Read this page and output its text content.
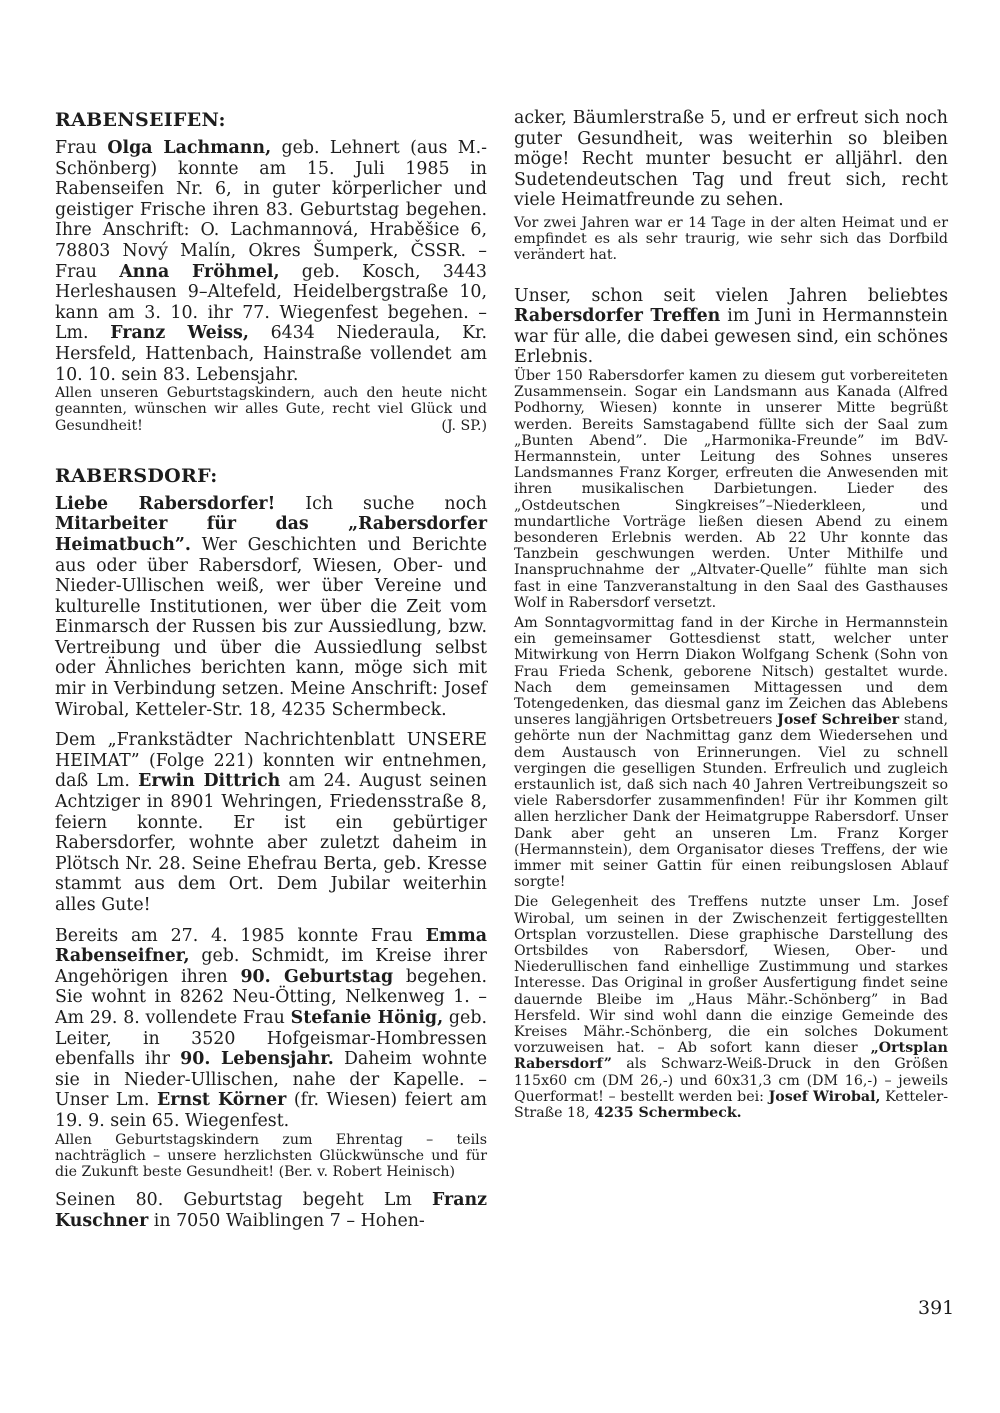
RABENSEIFEN:

Frau Olga Lachmann, geb. Lehnert (aus M.-Schönberg) konnte am 15. Juli 1985 in Rabenseifen Nr. 6, in guter körperlicher und geistiger Frische ihren 83. Geburtstag begehen. Ihre Anschrift: O. Lachmannová, Hraběšice 6, 78803 Nový Malín, Okres Šumperk, ČSSR. – Frau Anna Fröhmel, geb. Kosch, 3443 Herleshausen 9–Altefeld, Heidelbergstraße 10, kann am 3. 10. ihr 77. Wiegenfest begehen. – Lm. Franz Weiss, 6434 Niederaula, Kr. Hersfeld, Hattenbach, Hainstraße vollendet am 10. 10. sein 83. Lebensjahr.

Allen unseren Geburtstagskindern, auch den heute nicht geannten, wünschen wir alles Gute, recht viel Glück und Gesundheit!	(J. SP.)

RABERSDORF:

Liebe Rabersdorfer! Ich suche noch Mitarbeiter für das „Rabersdorfer Heimatbuch”. Wer Geschichten und Berichte aus oder über Rabersdorf, Wiesen, Ober- und Nieder-Ullischen weiß, wer über Vereine und kulturelle Institutionen, wer über die Zeit vom Einmarsch der Russen bis zur Aussiedlung, bzw. Vertreibung und über die Aussiedlung selbst oder Ähnliches berichten kann, möge sich mit mir in Verbindung setzen. Meine Anschrift: Josef Wirobal, Ketteler-Str. 18, 4235 Schermbeck.

Dem „Frankstädter Nachrichtenblatt UNSERE HEIMAT” (Folge 221) konnten wir entnehmen, daß Lm. Erwin Dittrich am 24. August seinen Achtziger in 8901 Wehringen, Friedensstraße 8, feiern konnte. Er ist ein gebürtiger Rabersdorfer, wohnte aber zuletzt daheim in Plötsch Nr. 28. Seine Ehefrau Berta, geb. Kresse stammt aus dem Ort. Dem Jubilar weiterhin alles Gute!

Bereits am 27. 4. 1985 konnte Frau Emma Rabenseifner, geb. Schmidt, im Kreise ihrer Angehörigen ihren 90. Geburtstag begehen. Sie wohnt in 8262 Neu-Ötting, Nelkenweg 1. – Am 29. 8. vollendete Frau Stefanie Hönig, geb. Leiter, in 3520 Hofgeismar-Hombressen ebenfalls ihr 90. Lebensjahr. Daheim wohnte sie in Nieder-Ullischen, nahe der Kapelle. – Unser Lm. Ernst Körner (fr. Wiesen) feiert am 19. 9. sein 65. Wiegenfest.

Allen Geburtstagskindern zum Ehrentag – teils nachträglich – unsere herzlichsten Glückwünsche und für die Zukunft beste Gesundheit! (Ber. v. Robert Heinisch)

Seinen 80. Geburtstag begeht Lm Franz Kuschner in 7050 Waiblingen 7 – Hohen-

acker, Bäumlerstraße 5, und er erfreut sich noch guter Gesundheit, was weiterhin so bleiben möge! Recht munter besucht er alljährl. den Sudetendeutschen Tag und freut sich, recht viele Heimatfreunde zu sehen.

Vor zwei Jahren war er 14 Tage in der alten Heimat und er empfindet es als sehr traurig, wie sehr sich das Dorfbild verändert hat.

Unser, schon seit vielen Jahren beliebtes Rabersdorfer Treffen im Juni in Hermannstein war für alle, die dabei gewesen sind, ein schönes Erlebnis.

Über 150 Rabersdorfer kamen zu diesem gut vorbereiteten Zusammensein. Sogar ein Landsmann aus Kanada (Alfred Podhorny, Wiesen) konnte in unserer Mitte begrüßt werden. Bereits Samstagabend füllte sich der Saal zum „Bunten Abend”. Die „Harmonika-Freunde” im BdV-Hermannstein, unter Leitung des Sohnes unseres Landsmannes Franz Korger, erfreuten die Anwesenden mit ihren musikalischen Darbietungen. Lieder des „Ostdeutschen Singkreises”–Niederkleen, und mundartliche Vorträge ließen diesen Abend zu einem besonderen Erlebnis werden. Ab 22 Uhr konnte das Tanzbein geschwungen werden. Unter Mithilfe und Inanspruchnahme der „Altvater-Quelle” fühlte man sich fast in eine Tanzveranstaltung in den Saal des Gasthauses Wolf in Rabersdorf versetzt.

Am Sonntagvormittag fand in der Kirche in Hermannstein ein gemeinsamer Gottesdienst statt, welcher unter Mitwirkung von Herrn Diakon Wolfgang Schenk (Sohn von Frau Frieda Schenk, geborene Nitsch) gestaltet wurde. Nach dem gemeinsamen Mittagessen und dem Totengedenken, das diesmal ganz im Zeichen das Ablebens unseres langjährigen Ortsbetreuers Josef Schreiber stand, gehörte nun der Nachmittag ganz dem Wiedersehen und dem Austausch von Erinnerungen. Viel zu schnell vergingen die geselligen Stunden. Erfreulich und zugleich erstaunlich ist, daß sich nach 40 Jahren Vertreibungszeit so viele Rabersdorfer zusammenfinden! Für ihr Kommen gilt allen herzlicher Dank der Heimatgruppe Rabersdorf. Unser Dank aber geht an unseren Lm. Franz Korger (Hermannstein), dem Organisator dieses Treffens, der wie immer mit seiner Gattin für einen reibungslosen Ablauf sorgte!

Die Gelegenheit des Treffens nutzte unser Lm. Josef Wirobal, um seinen in der Zwischenzeit fertiggestellten Ortsplan vorzustellen. Diese graphische Darstellung des Ortsbildes von Rabersdorf, Wiesen, Ober- und Niederullischen fand einhellige Zustimmung und starkes Interesse. Das Original in großer Ausfertigung findet seine dauernde Bleibe im „Haus Mähr.-Schönberg” in Bad Hersfeld. Wir sind wohl dann die einzige Gemeinde des Kreises Mähr.-Schönberg, die ein solches Dokument vorzuweisen hat. – Ab sofort kann dieser „Ortsplan Rabersdorf” als Schwarz-Weiß-Druck in den Größen 115x60 cm (DM 26,-) und 60x31,3 cm (DM 16,-) – jeweils Querformat! – bestellt werden bei: Josef Wirobal, Ketteler-Straße 18, 4235 Schermbeck.

391
